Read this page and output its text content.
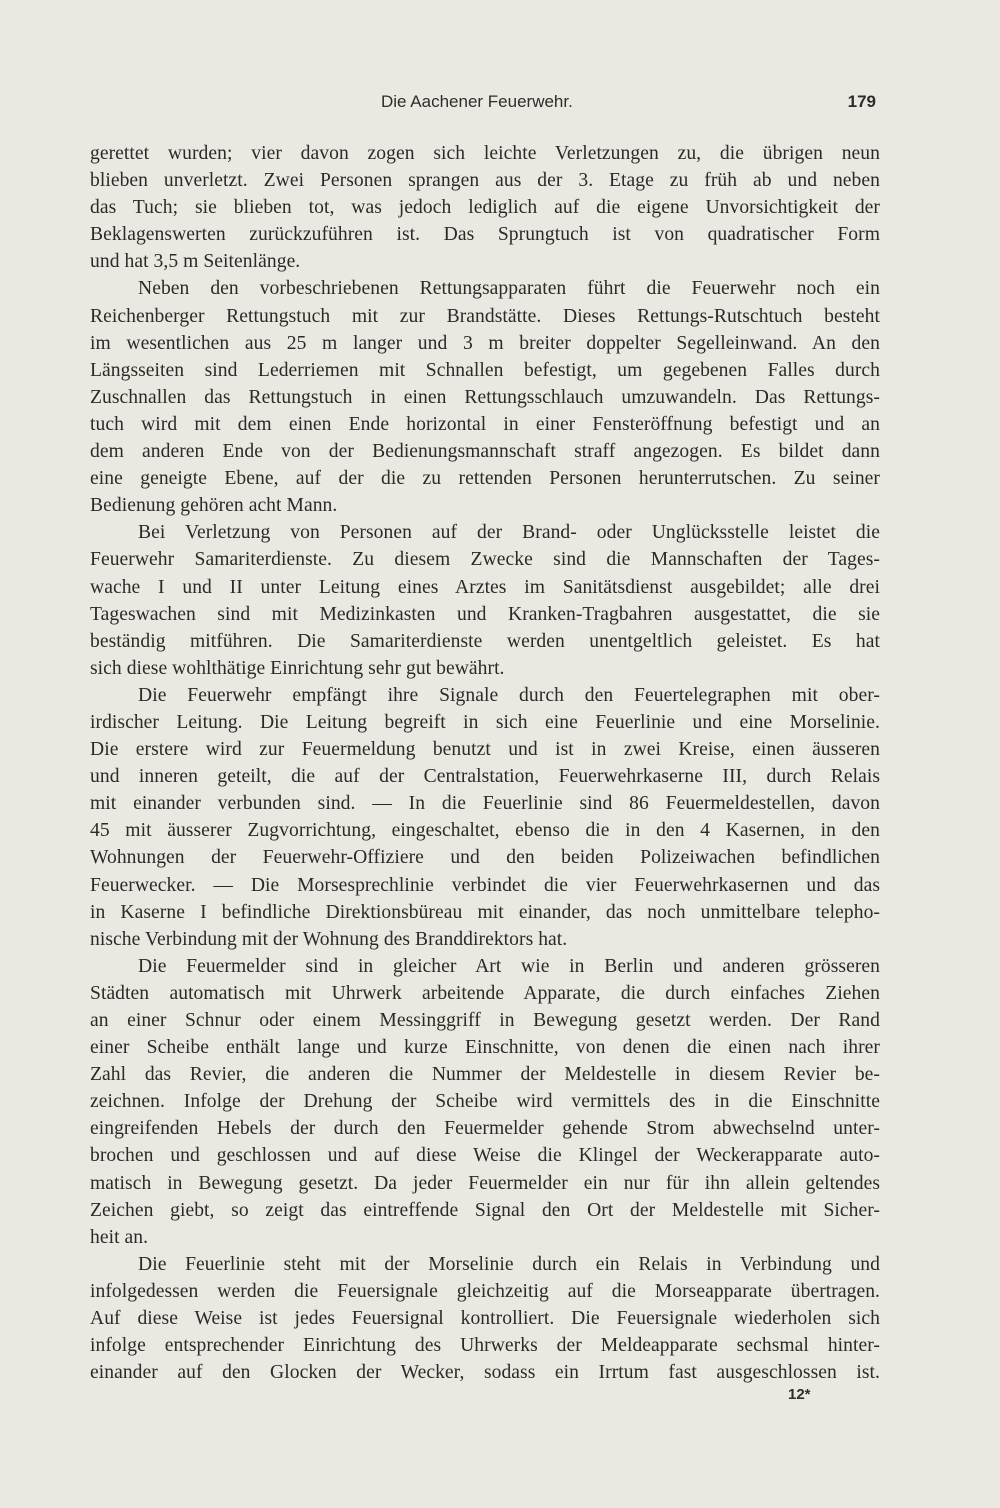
Die Aachener Feuerwehr.	179
gerettet wurden; vier davon zogen sich leichte Verletzungen zu, die übrigen neun
blieben unverletzt. Zwei Personen sprangen aus der 3. Etage zu früh ab und neben
das Tuch; sie blieben tot, was jedoch lediglich auf die eigene Unvorsichtigkeit der
Beklagenswerten zurückzuführen ist. Das Sprungtuch ist von quadratischer Form
und hat 3,5 m Seitenlänge.
Neben den vorbeschriebenen Rettungsapparaten führt die Feuerwehr noch ein
Reichenberger Rettungstuch mit zur Brandstätte. Dieses Rettungs-Rutschtuch besteht
im wesentlichen aus 25 m langer und 3 m breiter doppelter Segelleinwand. An den
Längsseiten sind Lederriemen mit Schnallen befestigt, um gegebenen Falles durch
Zuschnallen das Rettungstuch in einen Rettungsschlauch umzuwandeln. Das Rettungs-
tuch wird mit dem einen Ende horizontal in einer Fensteröffnung befestigt und an
dem anderen Ende von der Bedienungsmannschaft straff angezogen. Es bildet dann
eine geneigte Ebene, auf der die zu rettenden Personen herunterrutschen. Zu seiner
Bedienung gehören acht Mann.
Bei Verletzung von Personen auf der Brand- oder Unglücksstelle leistet die
Feuerwehr Samariterdienste. Zu diesem Zwecke sind die Mannschaften der Tages-
wache I und II unter Leitung eines Arztes im Sanitätsdienst ausgebildet; alle drei
Tageswachen sind mit Medizinkasten und Kranken-Tragbahren ausgestattet, die sie
beständig mitführen. Die Samariterdienste werden unentgeltlich geleistet. Es hat
sich diese wohlthätige Einrichtung sehr gut bewährt.
Die Feuerwehr empfängt ihre Signale durch den Feuertelegraphen mit ober-
irdischer Leitung. Die Leitung begreift in sich eine Feuerlinie und eine Morselinie.
Die erstere wird zur Feuermeldung benutzt und ist in zwei Kreise, einen äusseren
und inneren geteilt, die auf der Centralstation, Feuerwehrkaserne III, durch Relais
mit einander verbunden sind. — In die Feuerlinie sind 86 Feuermeldestellen, davon
45 mit äusserer Zugvorrichtung, eingeschaltet, ebenso die in den 4 Kasernen, in den
Wohnungen der Feuerwehr-Offiziere und den beiden Polizeiwachen befindlichen
Feuerwecker. — Die Morsesprechlinie verbindet die vier Feuerwehrkasernen und das
in Kaserne I befindliche Direktionsbüreau mit einander, das noch unmittelbare telepho-
nische Verbindung mit der Wohnung des Branddirektors hat.
Die Feuermelder sind in gleicher Art wie in Berlin und anderen grösseren
Städten automatisch mit Uhrwerk arbeitende Apparate, die durch einfaches Ziehen
an einer Schnur oder einem Messinggriff in Bewegung gesetzt werden. Der Rand
einer Scheibe enthält lange und kurze Einschnitte, von denen die einen nach ihrer
Zahl das Revier, die anderen die Nummer der Meldestelle in diesem Revier be-
zeichnen. Infolge der Drehung der Scheibe wird vermittels des in die Einschnitte
eingreifenden Hebels der durch den Feuermelder gehende Strom abwechselnd unter-
brochen und geschlossen und auf diese Weise die Klingel der Weckerapparate auto-
matisch in Bewegung gesetzt. Da jeder Feuermelder ein nur für ihn allein geltendes
Zeichen giebt, so zeigt das eintreffende Signal den Ort der Meldestelle mit Sicher-
heit an.
Die Feuerlinie steht mit der Morselinie durch ein Relais in Verbindung und
infolgedessen werden die Feuersignale gleichzeitig auf die Morseapparate übertragen.
Auf diese Weise ist jedes Feuersignal kontrolliert. Die Feuersignale wiederholen sich
infolge entsprechender Einrichtung des Uhrwerks der Meldeapparate sechsmal hinter-
einander auf den Glocken der Wecker, sodass ein Irrtum fast ausgeschlossen ist.
12*
